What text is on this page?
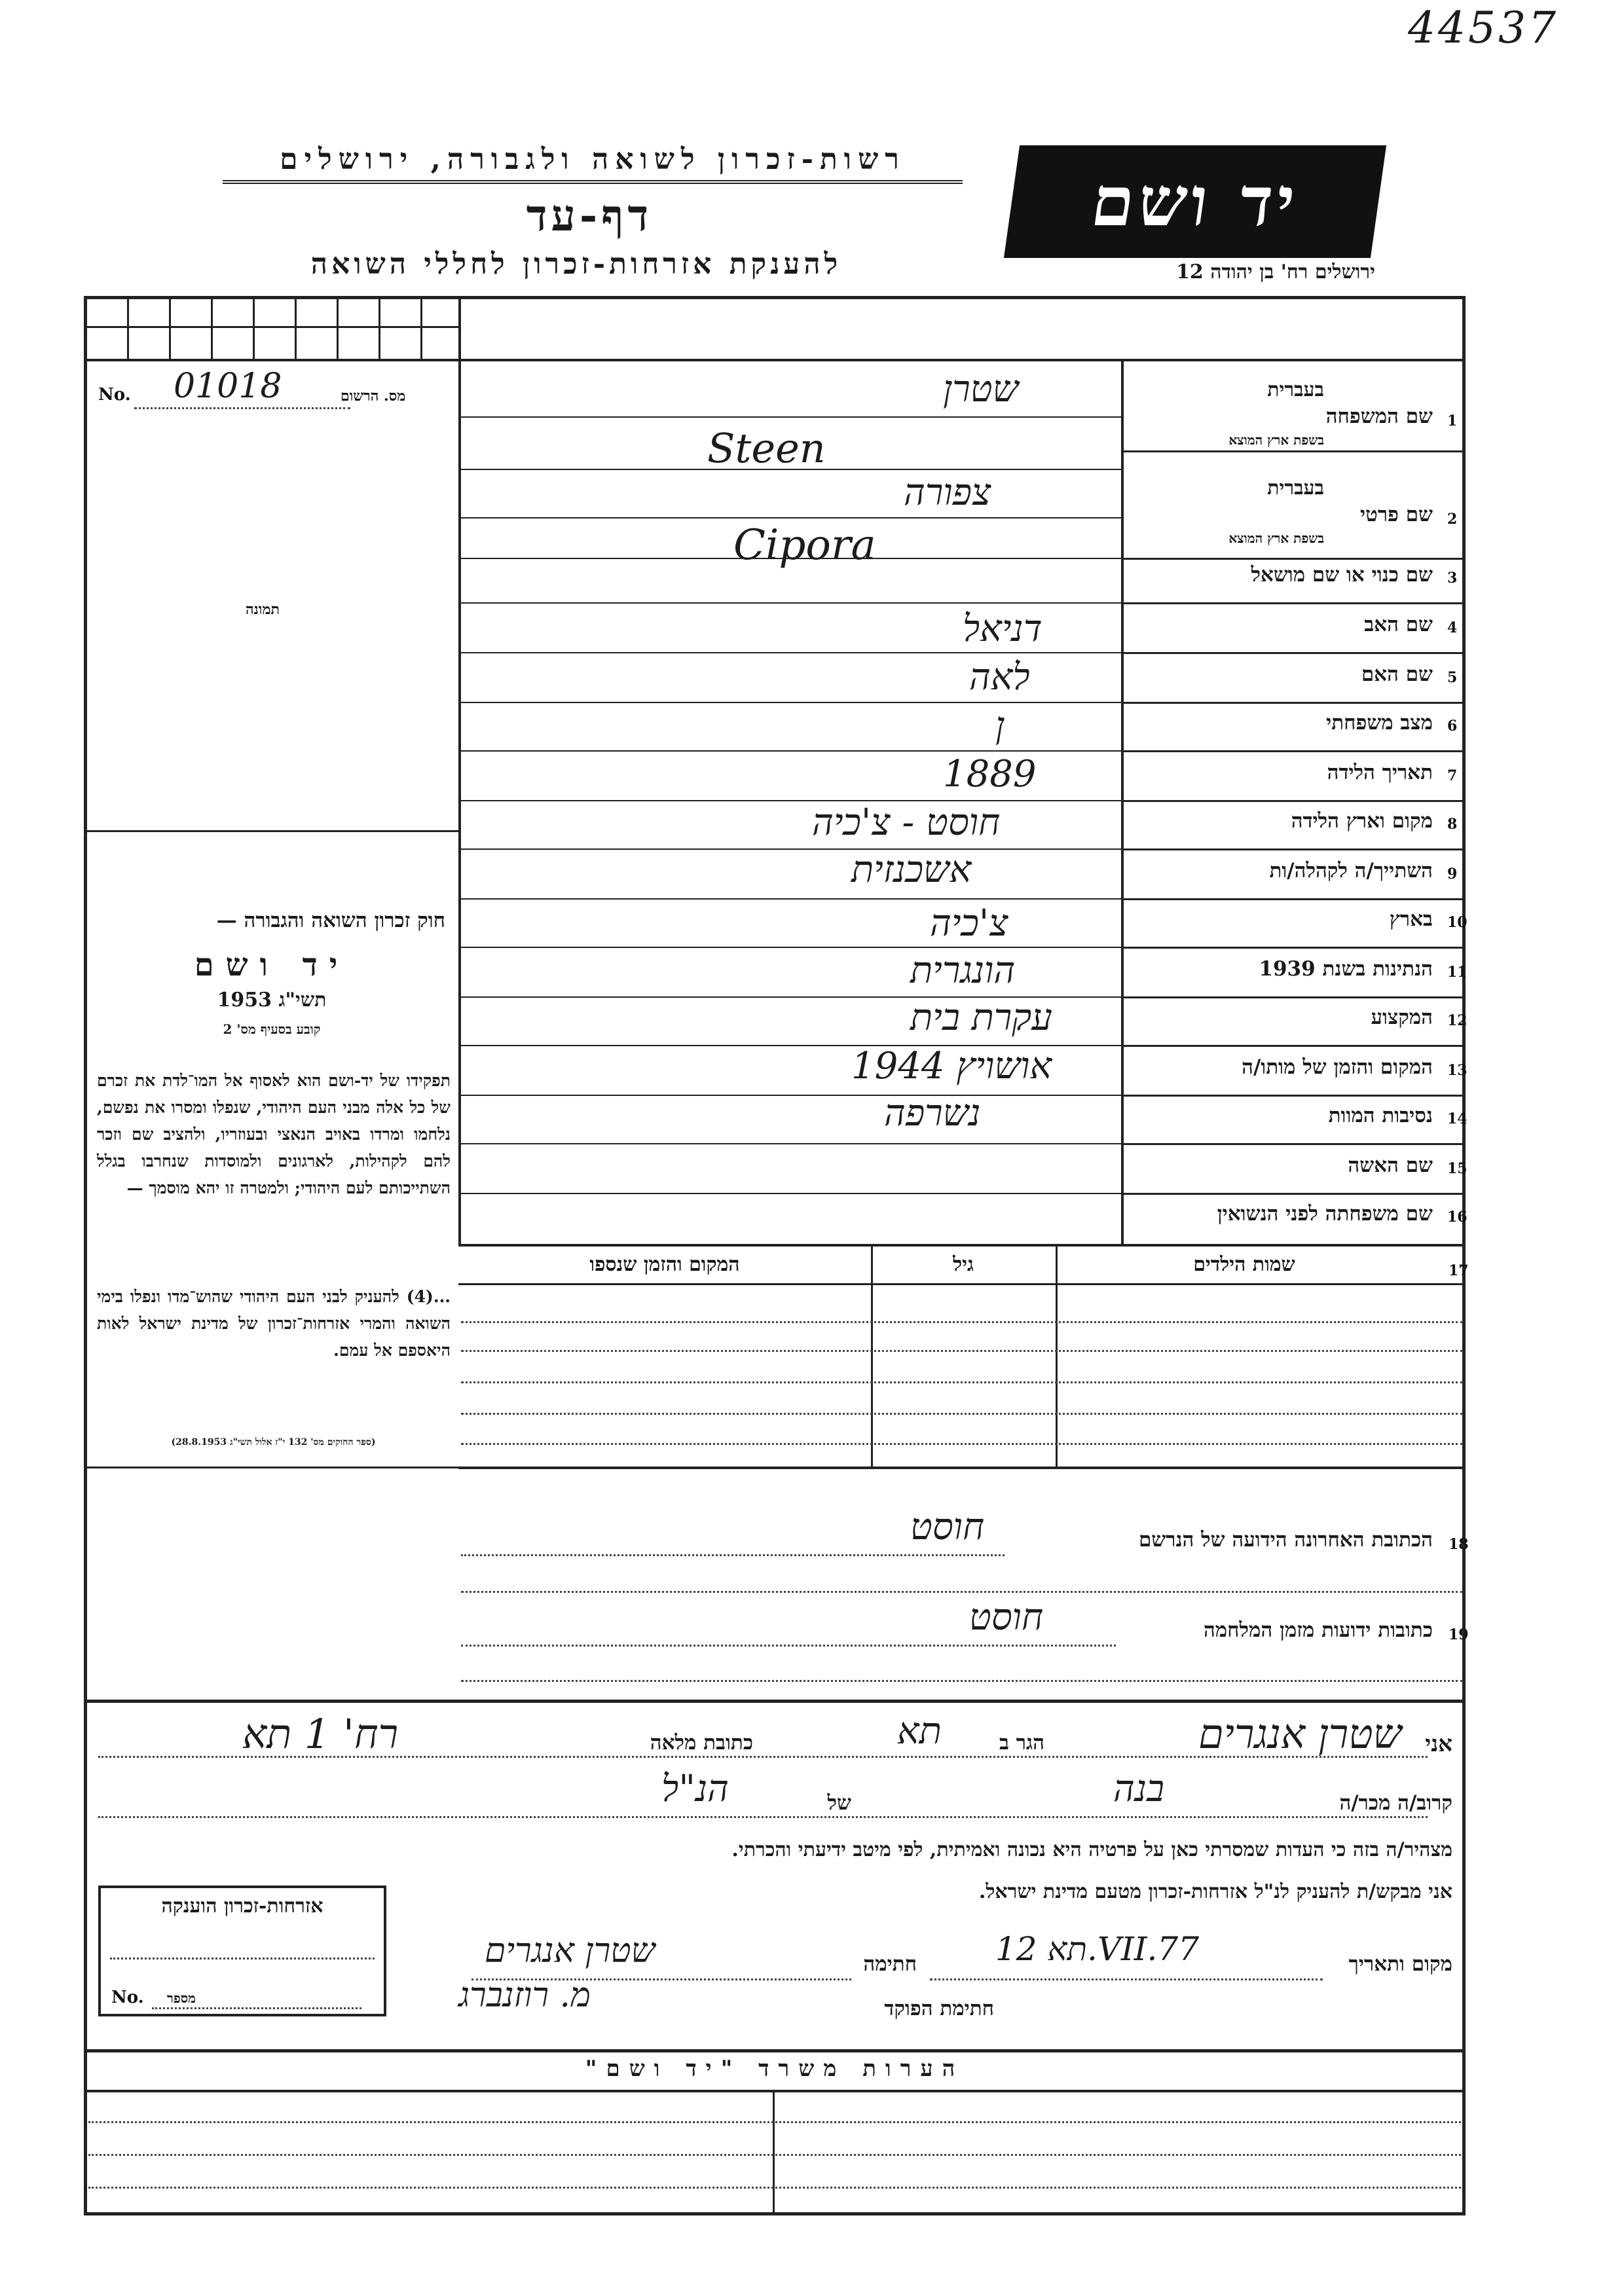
44537
רשות-זכרון לשואה ולגבורה, ירושלים
דף-עד
להענקת אזרחות-זכרון לחללי השואה
יד ושם
ירושלים רח' בן יהודה 12
No. 01018	מס. הרשום
תמונה
חוק זכרון השואה והגבורה —
יד ושם
תשי"ג 1953
קובע בסעיף מס' 2
תפקידו של יד-ושם הוא לאסוף אל המו־לדת את זכרם של כל אלה מבני העם היהודי, שנפלו ומסרו את נפשם, נלחמו ומרדו באויב הנאצי ובעוזריו, ולהציב שם וזכר להם לקהילות, לארגונים ולמוסדות שנחרבו בגלל השתייכותם לעם היהודי; ולמטרה זו יהא מוסמך —
...(4) להעניק לבני העם היהודי שהוש־מדו ונפלו בימי השואה והמרי אזרחות־זכרון של מדינת ישראל לאות היאספם אל עמם.
(ספר החוקים מס' 132 י"ז אלול תשי"ג 28.8.1953)
1
שם המשפחה
בעברית
בשפת ארץ המוצא
שטרן
Steen
2
שם פרטי
בעברית
בשפת ארץ המוצא
צפורה
Cipora
3
שם כנוי או שם מושאל
4
שם האב
דניאל
5
שם האם
לאה
6
מצב משפחתי
ן
7
תאריך הלידה
1889
8
מקום וארץ הלידה
חוסט - צ'כיה
9
השתייך/ה לקהלה/ות
אשכנזית
10
בארץ
צ'כיה
11
הנתינות בשנת 1939
הונגרית
12
המקצוע
עקרת בית
13
המקום והזמן של מותו/ה
אושויץ 1944
14
נסיבות המוות
נשרפה
15
שם האשה
16
שם משפחתה לפני הנשואין
17
שמות הילדים
גיל
המקום והזמן שנספו
18
הכתובת האחרונה הידועה של הנרשם
חוסט
19
כתובות ידועות מזמן המלחמה
חוסט
אני
שטרן אנגרים
הגר ב
תא
כתובת מלאה
רח' 1 תא
קרוב/ה מכר/ה
בנה
של
הנ"ל
מצהיר/ה בזה כי העדות שמסרתי כאן על פרטיה היא נכונה ואמיתית, לפי מיטב ידיעתי והכרתי.
אני מבקש/ת להעניק לנ"ל אזרחות-זכרון מטעם מדינת ישראל.
אזרחות-זכרון הוענקה
No. מספר
מקום ותאריך
תא 12.VII.77
חתימה
שטרן אנגרים
חתימת הפוקד
מ. רוזנברג
הערות משרד "יד ושם"
